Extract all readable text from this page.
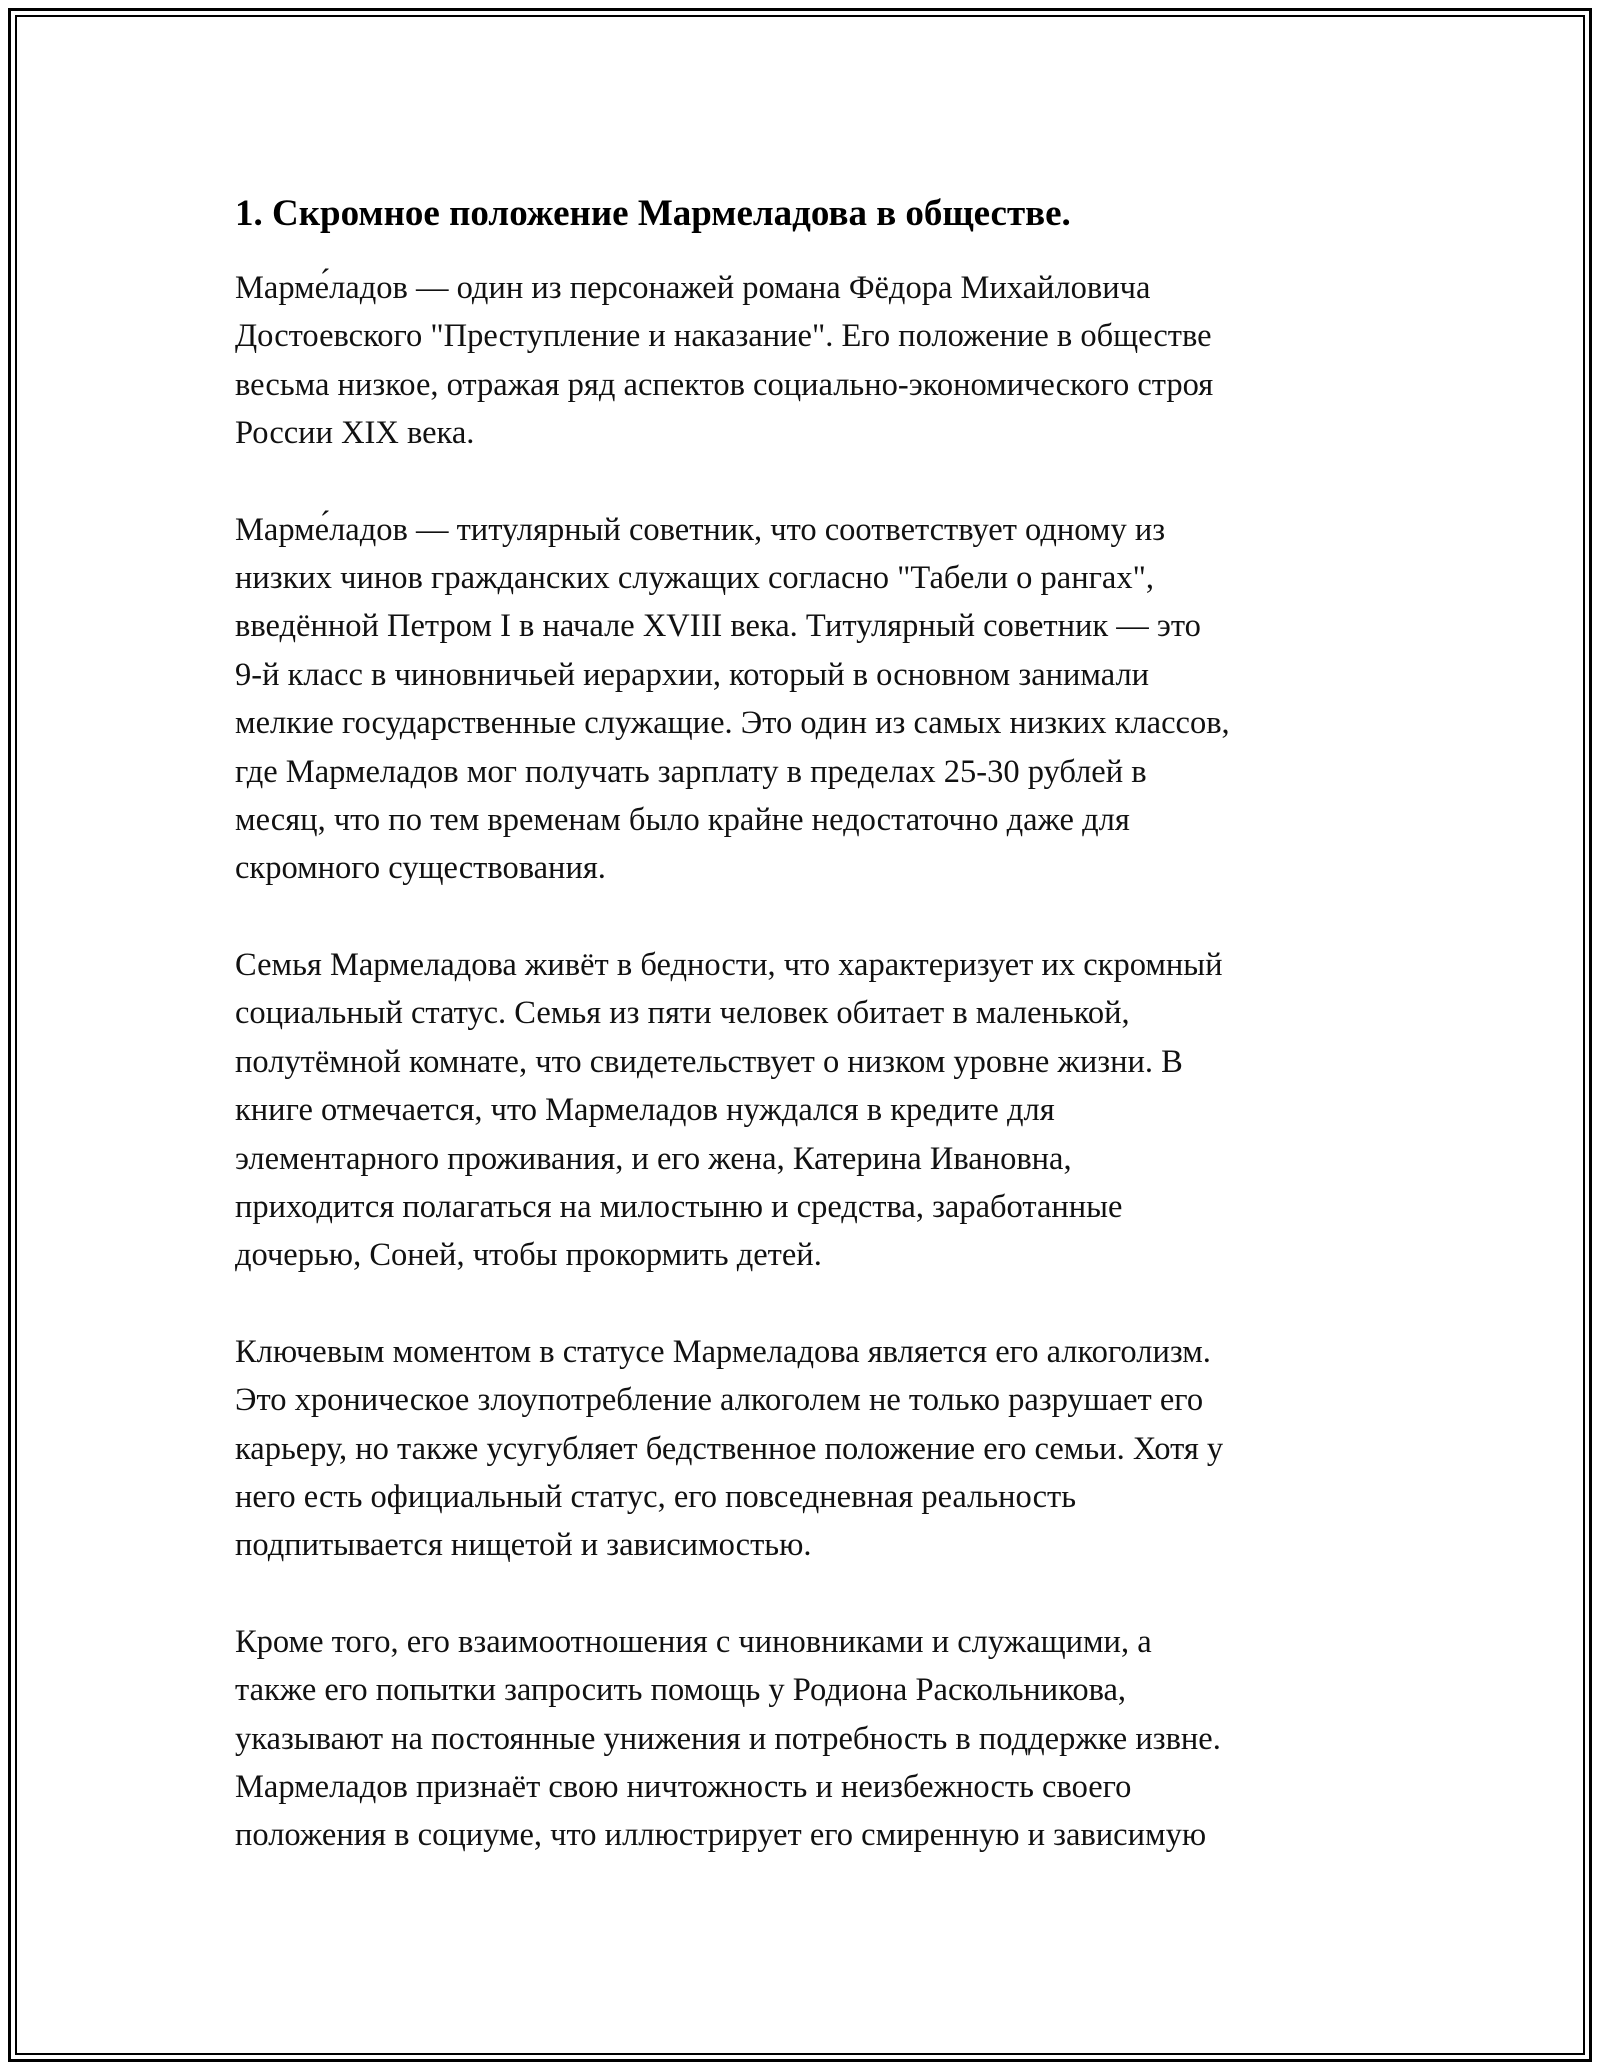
1. Скромное положение Мармеладова в обществе.

Марме́ладов — один из персонажей романа Фёдора Михайловича
Достоевского "Преступление и наказание". Его положение в обществе
весьма низкое, отражая ряд аспектов социально-экономического строя
России XIX века.

Марме́ладов — титулярный советник, что соответствует одному из
низких чинов гражданских служащих согласно "Табели о рангах",
введённой Петром I в начале XVIII века. Титулярный советник — это
9-й класс в чиновничьей иерархии, который в основном занимали
мелкие государственные служащие. Это один из самых низких классов,
где Мармеладов мог получать зарплату в пределах 25-30 рублей в
месяц, что по тем временам было крайне недостаточно даже для
скромного существования.

Семья Мармеладова живёт в бедности, что характеризует их скромный
социальный статус. Семья из пяти человек обитает в маленькой,
полутёмной комнате, что свидетельствует о низком уровне жизни. В
книге отмечается, что Мармеладов нуждался в кредите для
элементарного проживания, и его жена, Катерина Ивановна,
приходится полагаться на милостыню и средства, заработанные
дочерью, Соней, чтобы прокормить детей.

Ключевым моментом в статусе Мармеладова является его алкоголизм.
Это хроническое злоупотребление алкоголем не только разрушает его
карьеру, но также усугубляет бедственное положение его семьи. Хотя у
него есть официальный статус, его повседневная реальность
подпитывается нищетой и зависимостью.

Кроме того, его взаимоотношения с чиновниками и служащими, а
также его попытки запросить помощь у Родиона Раскольникова,
указывают на постоянные унижения и потребность в поддержке извне.
Мармеладов признаёт свою ничтожность и неизбежность своего
положения в социуме, что иллюстрирует его смиренную и зависимую
